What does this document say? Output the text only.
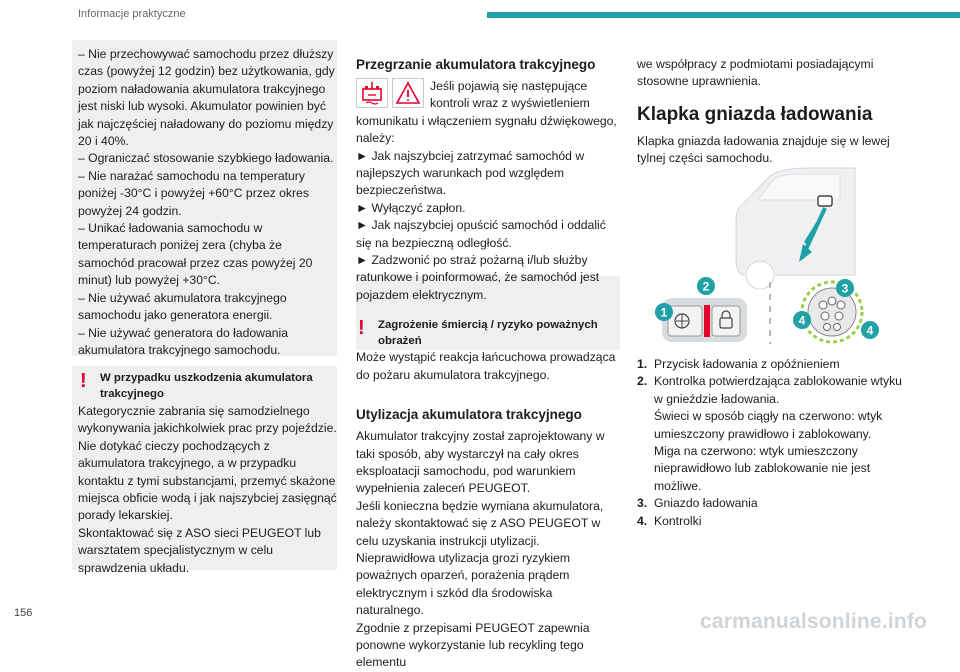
Informacje praktyczne

– Nie przechowywać samochodu przez dłuższy czas (powyżej 12 godzin) bez użytkowania, gdy poziom naładowania akumulatora trakcyjnego jest niski lub wysoki. Akumulator powinien być jak najczęściej naładowany do poziomu między 20 i 40%.

– Ograniczać stosowanie szybkiego ładowania.

– Nie narażać samochodu na temperatury poniżej -30°C i powyżej +60°C przez okres powyżej 24 godzin.

– Unikać ładowania samochodu w temperaturach poniżej zera (chyba że samochód pracował przez czas powyżej 20 minut) lub powyżej +30°C.

– Nie używać akumulatora trakcyjnego samochodu jako generatora energii.

– Nie używać generatora do ładowania akumulatora trakcyjnego samochodu.

! W przypadku uszkodzenia akumulatora trakcyjnego

Kategorycznie zabrania się samodzielnego wykonywania jakichkolwiek prac przy pojeździe.

Nie dotykać cieczy pochodzących z akumulatora trakcyjnego, a w przypadku kontaktu z tymi substancjami, przemyć skażone miejsca obficie wodą i jak najszybciej zasięgnąć porady lekarskiej.

Skontaktować się z ASO sieci PEUGEOT lub warsztatem specjalistycznym w celu sprawdzenia układu.

Przegrzanie akumulatora trakcyjnego

Jeśli pojawią się następujące kontroli wraz z wyświetleniem komunikatu i włączeniem sygnału dźwiękowego, należy:

► Jak najszybciej zatrzymać samochód w najlepszych warunkach pod względem bezpieczeństwa.

► Wyłączyć zapłon.

► Jak najszybciej opuścić samochód i oddalić się na bezpieczną odległość.

► Zadzwonić po straż pożarną i/lub służby ratunkowe i poinformować, że samochód jest pojazdem elektrycznym.

! Zagrożenie śmiercią / ryzyko poważnych obrażeń

Może wystąpić reakcja łańcuchowa prowadząca do pożaru akumulatora trakcyjnego.

Utylizacja akumulatora trakcyjnego

Akumulator trakcyjny został zaprojektowany w taki sposób, aby wystarczył na cały okres eksploatacji samochodu, pod warunkiem wypełnienia zaleceń PEUGEOT.

Jeśli konieczna będzie wymiana akumulatora, należy skontaktować się z ASO PEUGEOT w celu uzyskania instrukcji utylizacji. Nieprawidłowa utylizacja grozi ryzykiem poważnych oparzeń, porażenia prądem elektrycznym i szkód dla środowiska naturalnego.

Zgodnie z przepisami PEUGEOT zapewnia ponowne wykorzystanie lub recykling tego elementu

we współpracy z podmiotami posiadającymi stosowne uprawnienia.

Klapka gniazda ładowania

Klapka gniazda ładowania znajduje się w lewej tylnej części samochodu.

1
2	3
4
4
1. Przycisk ładowania z opóźnieniem
2. Kontrolka potwierdzająca zablokowanie wtyku w gnieździe ładowania.
Świeci w sposób ciągły na czerwono: wtyk umieszczony prawidłowo i zablokowany.
Miga na czerwono: wtyk umieszczony nieprawidłowo lub zablokowanie nie jest możliwe.
3. Gniazdo ładowania
4. Kontrolki
156	carmanualsonline.info
